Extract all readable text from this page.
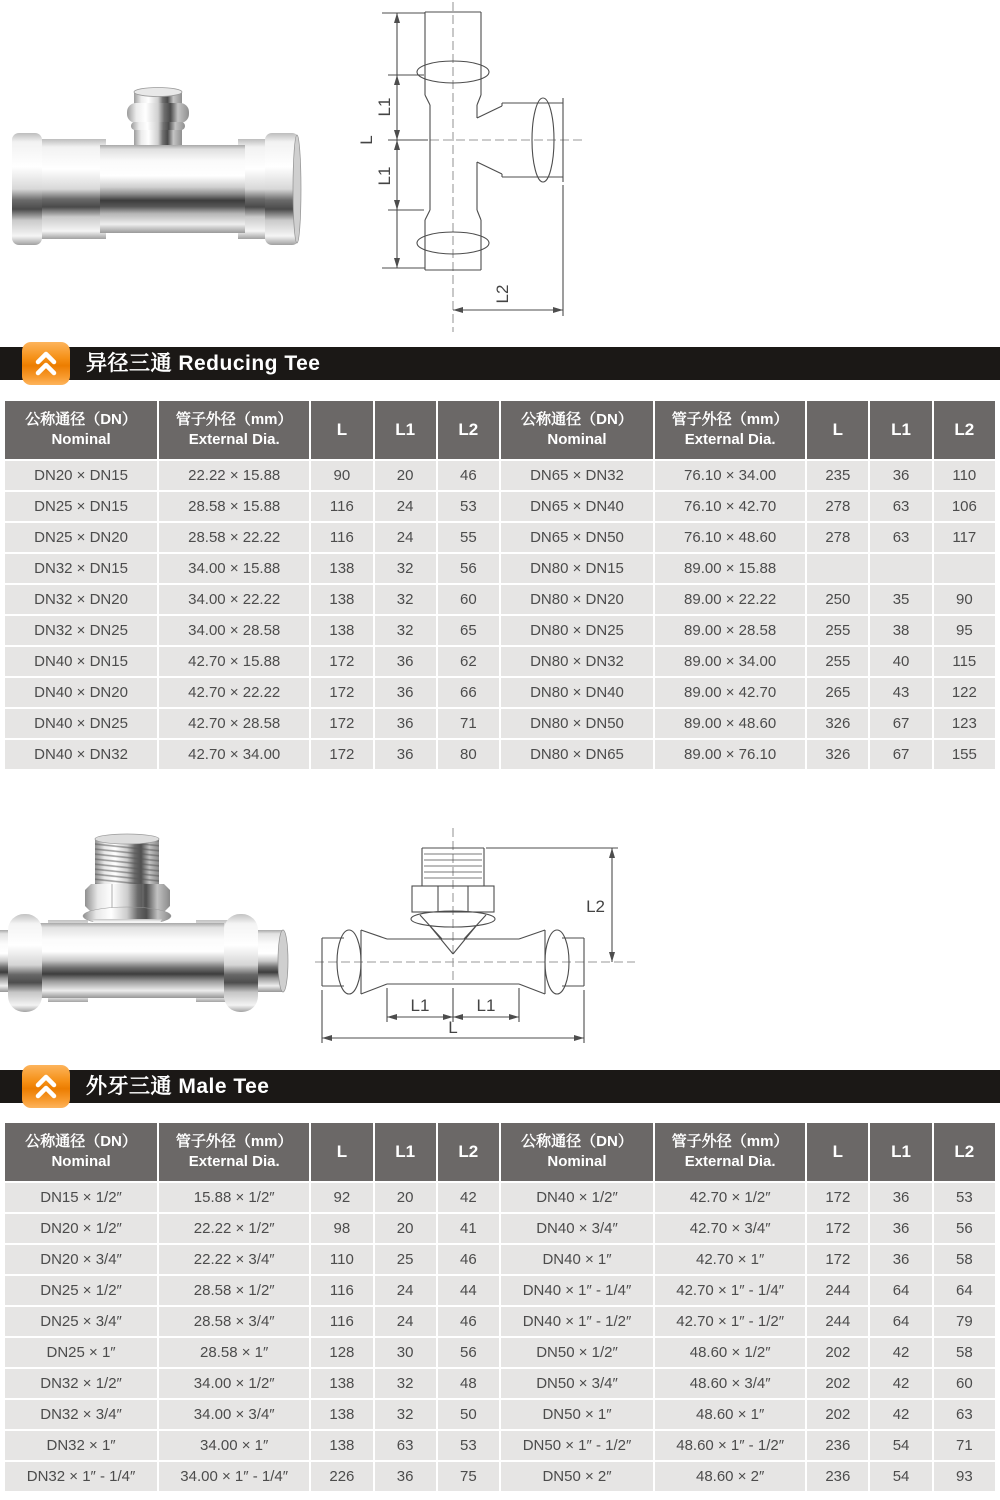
L1
L
L1
L2
异径三通 Reducing Tee
公称通径（DN）
Nominal

管子外径（mm）
External Dia.
	L	L1	L2	
公称通径（DN）
Nominal

管子外径（mm）
External Dia.
	L	L1	L2
DN20 × DN15	22.22 × 15.88	90	20	46	DN65 × DN32	76.10 × 34.00	235	36	110
DN25 × DN15	28.58 × 15.88	116	24	53	DN65 × DN40	76.10 × 42.70	278	63	106
DN25 × DN20	28.58 × 22.22	116	24	55	DN65 × DN50	76.10 × 48.60	278	63	117
DN32 × DN15	34.00 × 15.88	138	32	56	DN80 × DN15	89.00 × 15.88			
DN32 × DN20	34.00 × 22.22	138	32	60	DN80 × DN20	89.00 × 22.22	250	35	90
DN32 × DN25	34.00 × 28.58	138	32	65	DN80 × DN25	89.00 × 28.58	255	38	95
DN40 × DN15	42.70 × 15.88	172	36	62	DN80 × DN32	89.00 × 34.00	255	40	115
DN40 × DN20	42.70 × 22.22	172	36	66	DN80 × DN40	89.00 × 42.70	265	43	122
DN40 × DN25	42.70 × 28.58	172	36	71	DN80 × DN50	89.00 × 48.60	326	67	123
DN40 × DN32	42.70 × 34.00	172	36	80	DN80 × DN65	89.00 × 76.10	326	67	155
L2
L1	L1
L
外牙三通 Male Tee
公称通径（DN）
Nominal

管子外径（mm）
External Dia.
	L	L1	L2	
公称通径（DN）
Nominal

管子外径（mm）
External Dia.
	L	L1	L2
DN15 × 1/2″	15.88 × 1/2″	92	20	42	DN40 × 1/2″	42.70 × 1/2″	172	36	53
DN20 × 1/2″	22.22 × 1/2″	98	20	41	DN40 × 3/4″	42.70 × 3/4″	172	36	56
DN20 × 3/4″	22.22 × 3/4″	110	25	46	DN40 × 1″	42.70 × 1″	172	36	58
DN25 × 1/2″	28.58 × 1/2″	116	24	44	DN40 × 1″ - 1/4″	42.70 × 1″ - 1/4″	244	64	64
DN25 × 3/4″	28.58 × 3/4″	116	24	46	DN40 × 1″ - 1/2″	42.70 × 1″ - 1/2″	244	64	79
DN25 × 1″	28.58 × 1″	128	30	56	DN50 × 1/2″	48.60 × 1/2″	202	42	58
DN32 × 1/2″	34.00 × 1/2″	138	32	48	DN50 × 3/4″	48.60 × 3/4″	202	42	60
DN32 × 3/4″	34.00 × 3/4″	138	32	50	DN50 × 1″	48.60 × 1″	202	42	63
DN32 × 1″	34.00 × 1″	138	63	53	DN50 × 1″ - 1/2″	48.60 × 1″ - 1/2″	236	54	71
DN32 × 1″ - 1/4″	34.00 × 1″ - 1/4″	226	36	75	DN50 × 2″	48.60 × 2″	236	54	93
